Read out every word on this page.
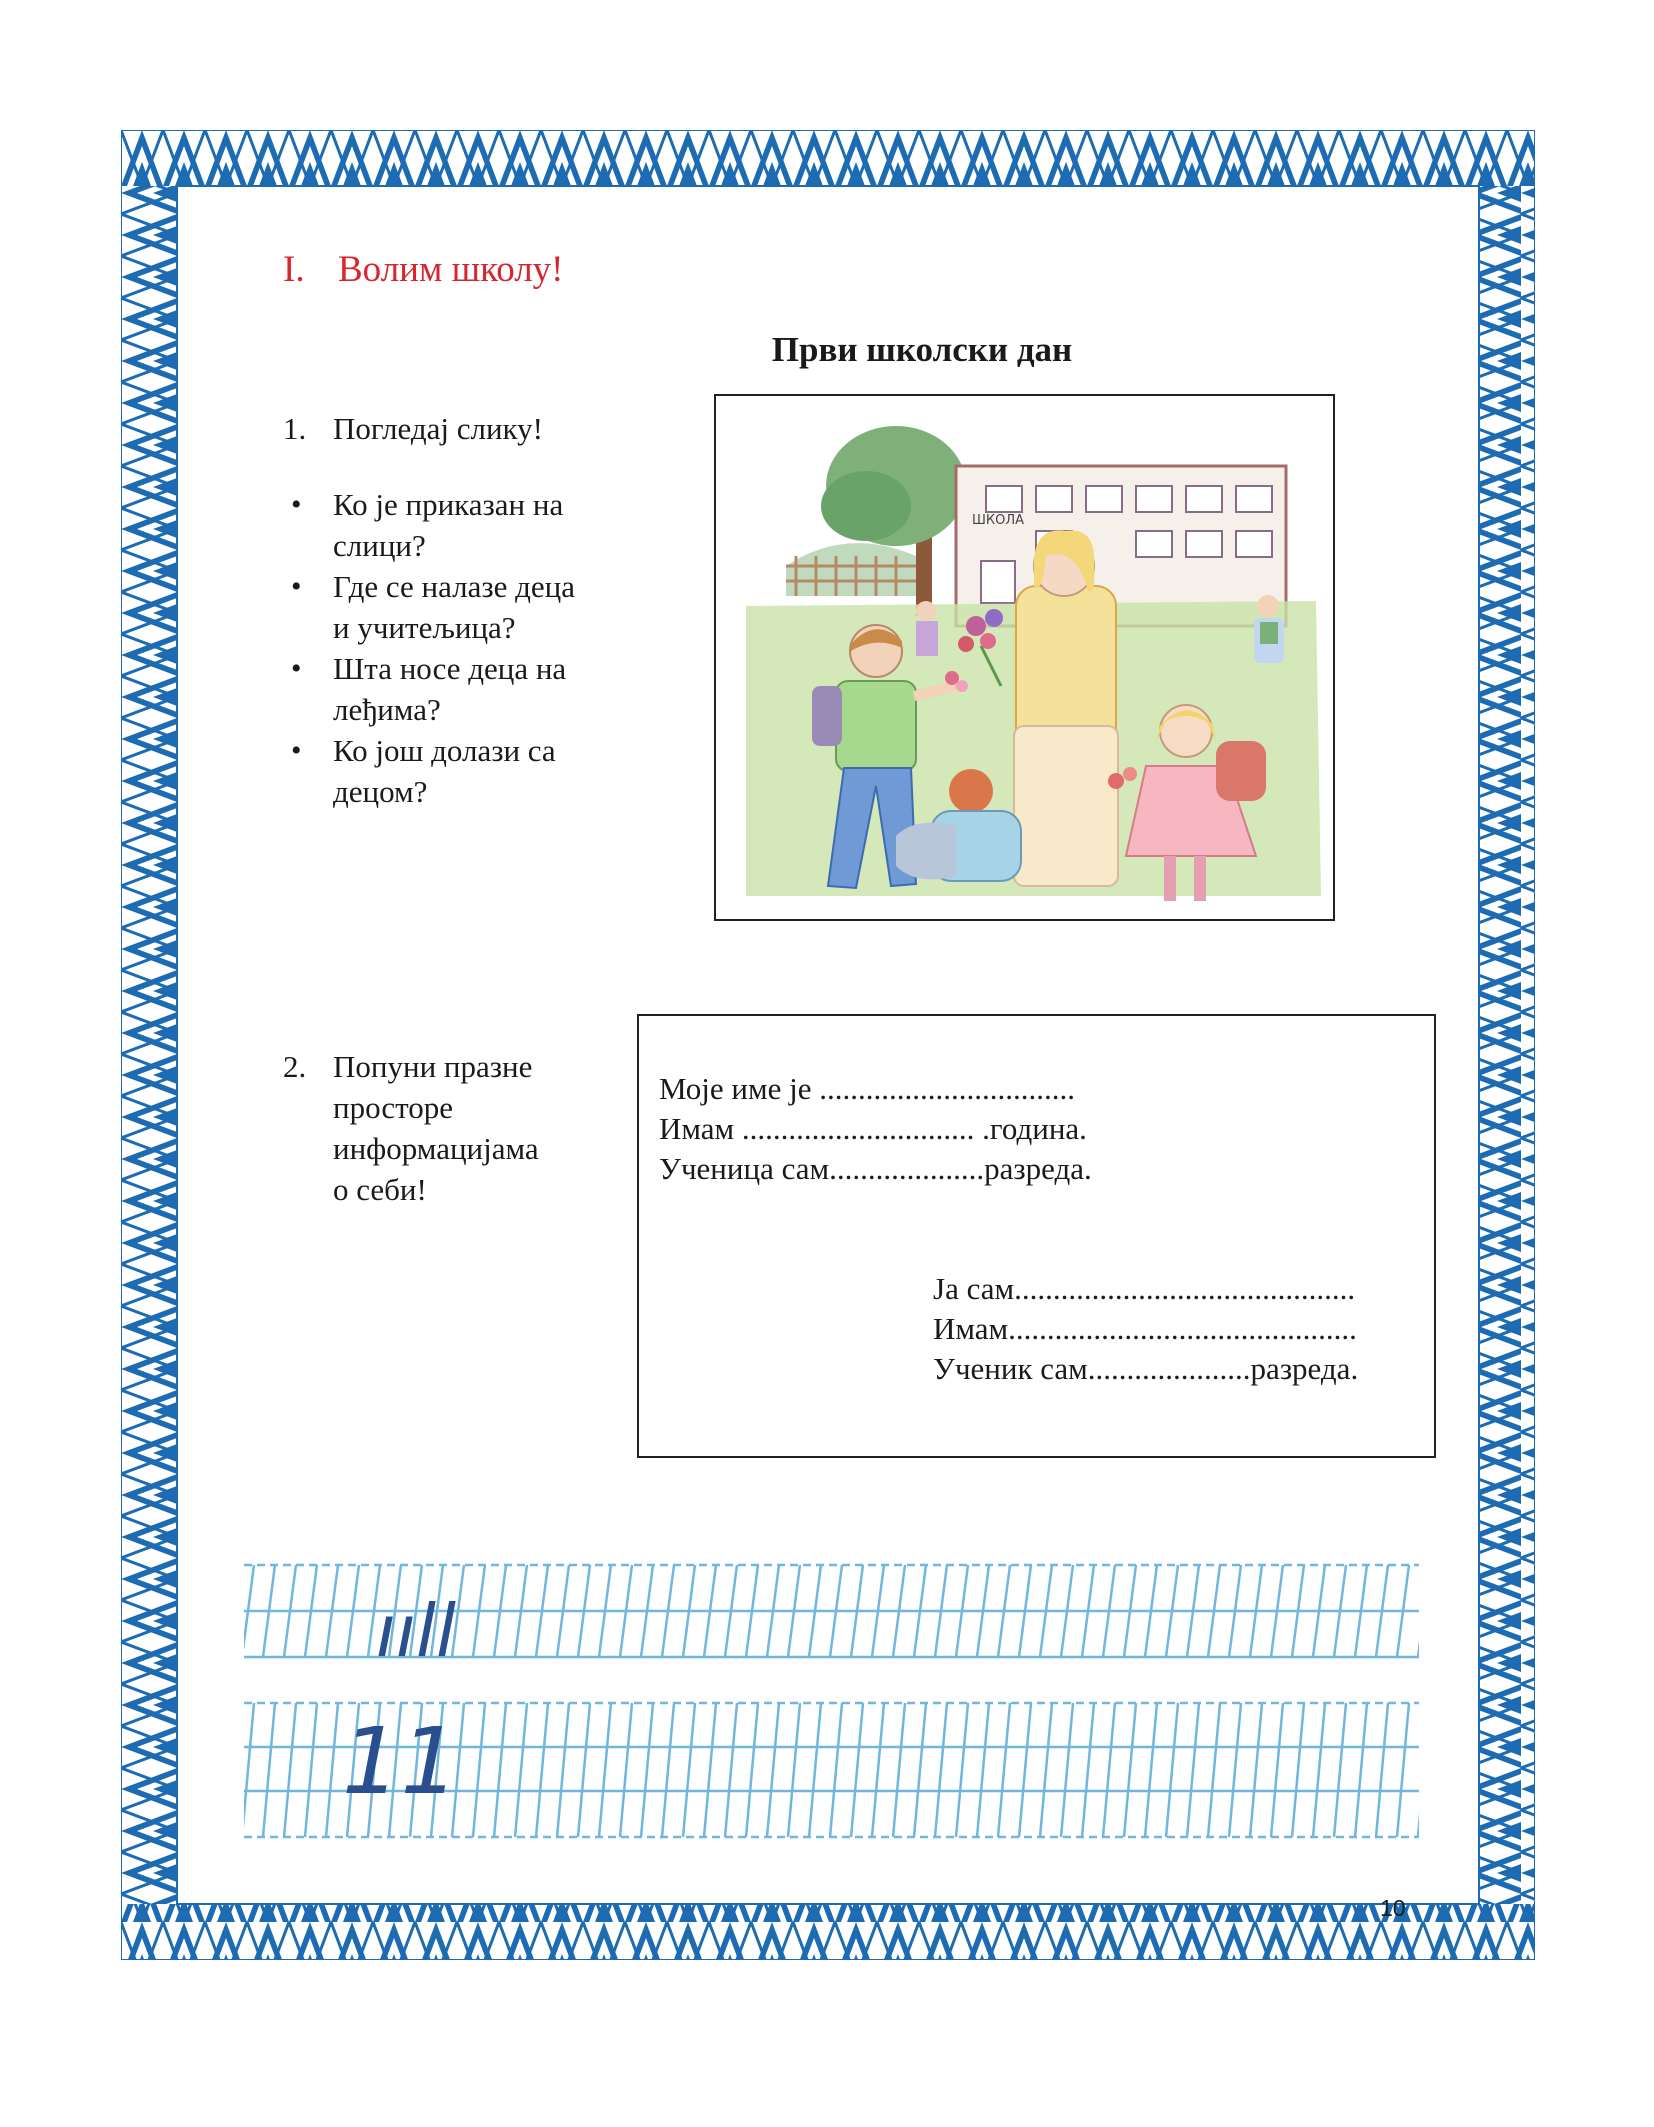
I. Волим школу!
Први школски дан
1. Погледај слику!
• Ко је приказан на
слици?
• Где се налазе деца
и учитељица?
• Шта носе деца на
леђима?
• Ко још долази са
децом?
ШКОЛА
2. Попуни празне
просторе
информацијама
о себи!
Моје име је .................................
Имам .............................. .година.
Ученица сам....................разреда.
Ја сам............................................
Имам.............................................
Ученик сам.....................разреда.
ııll
11
10
